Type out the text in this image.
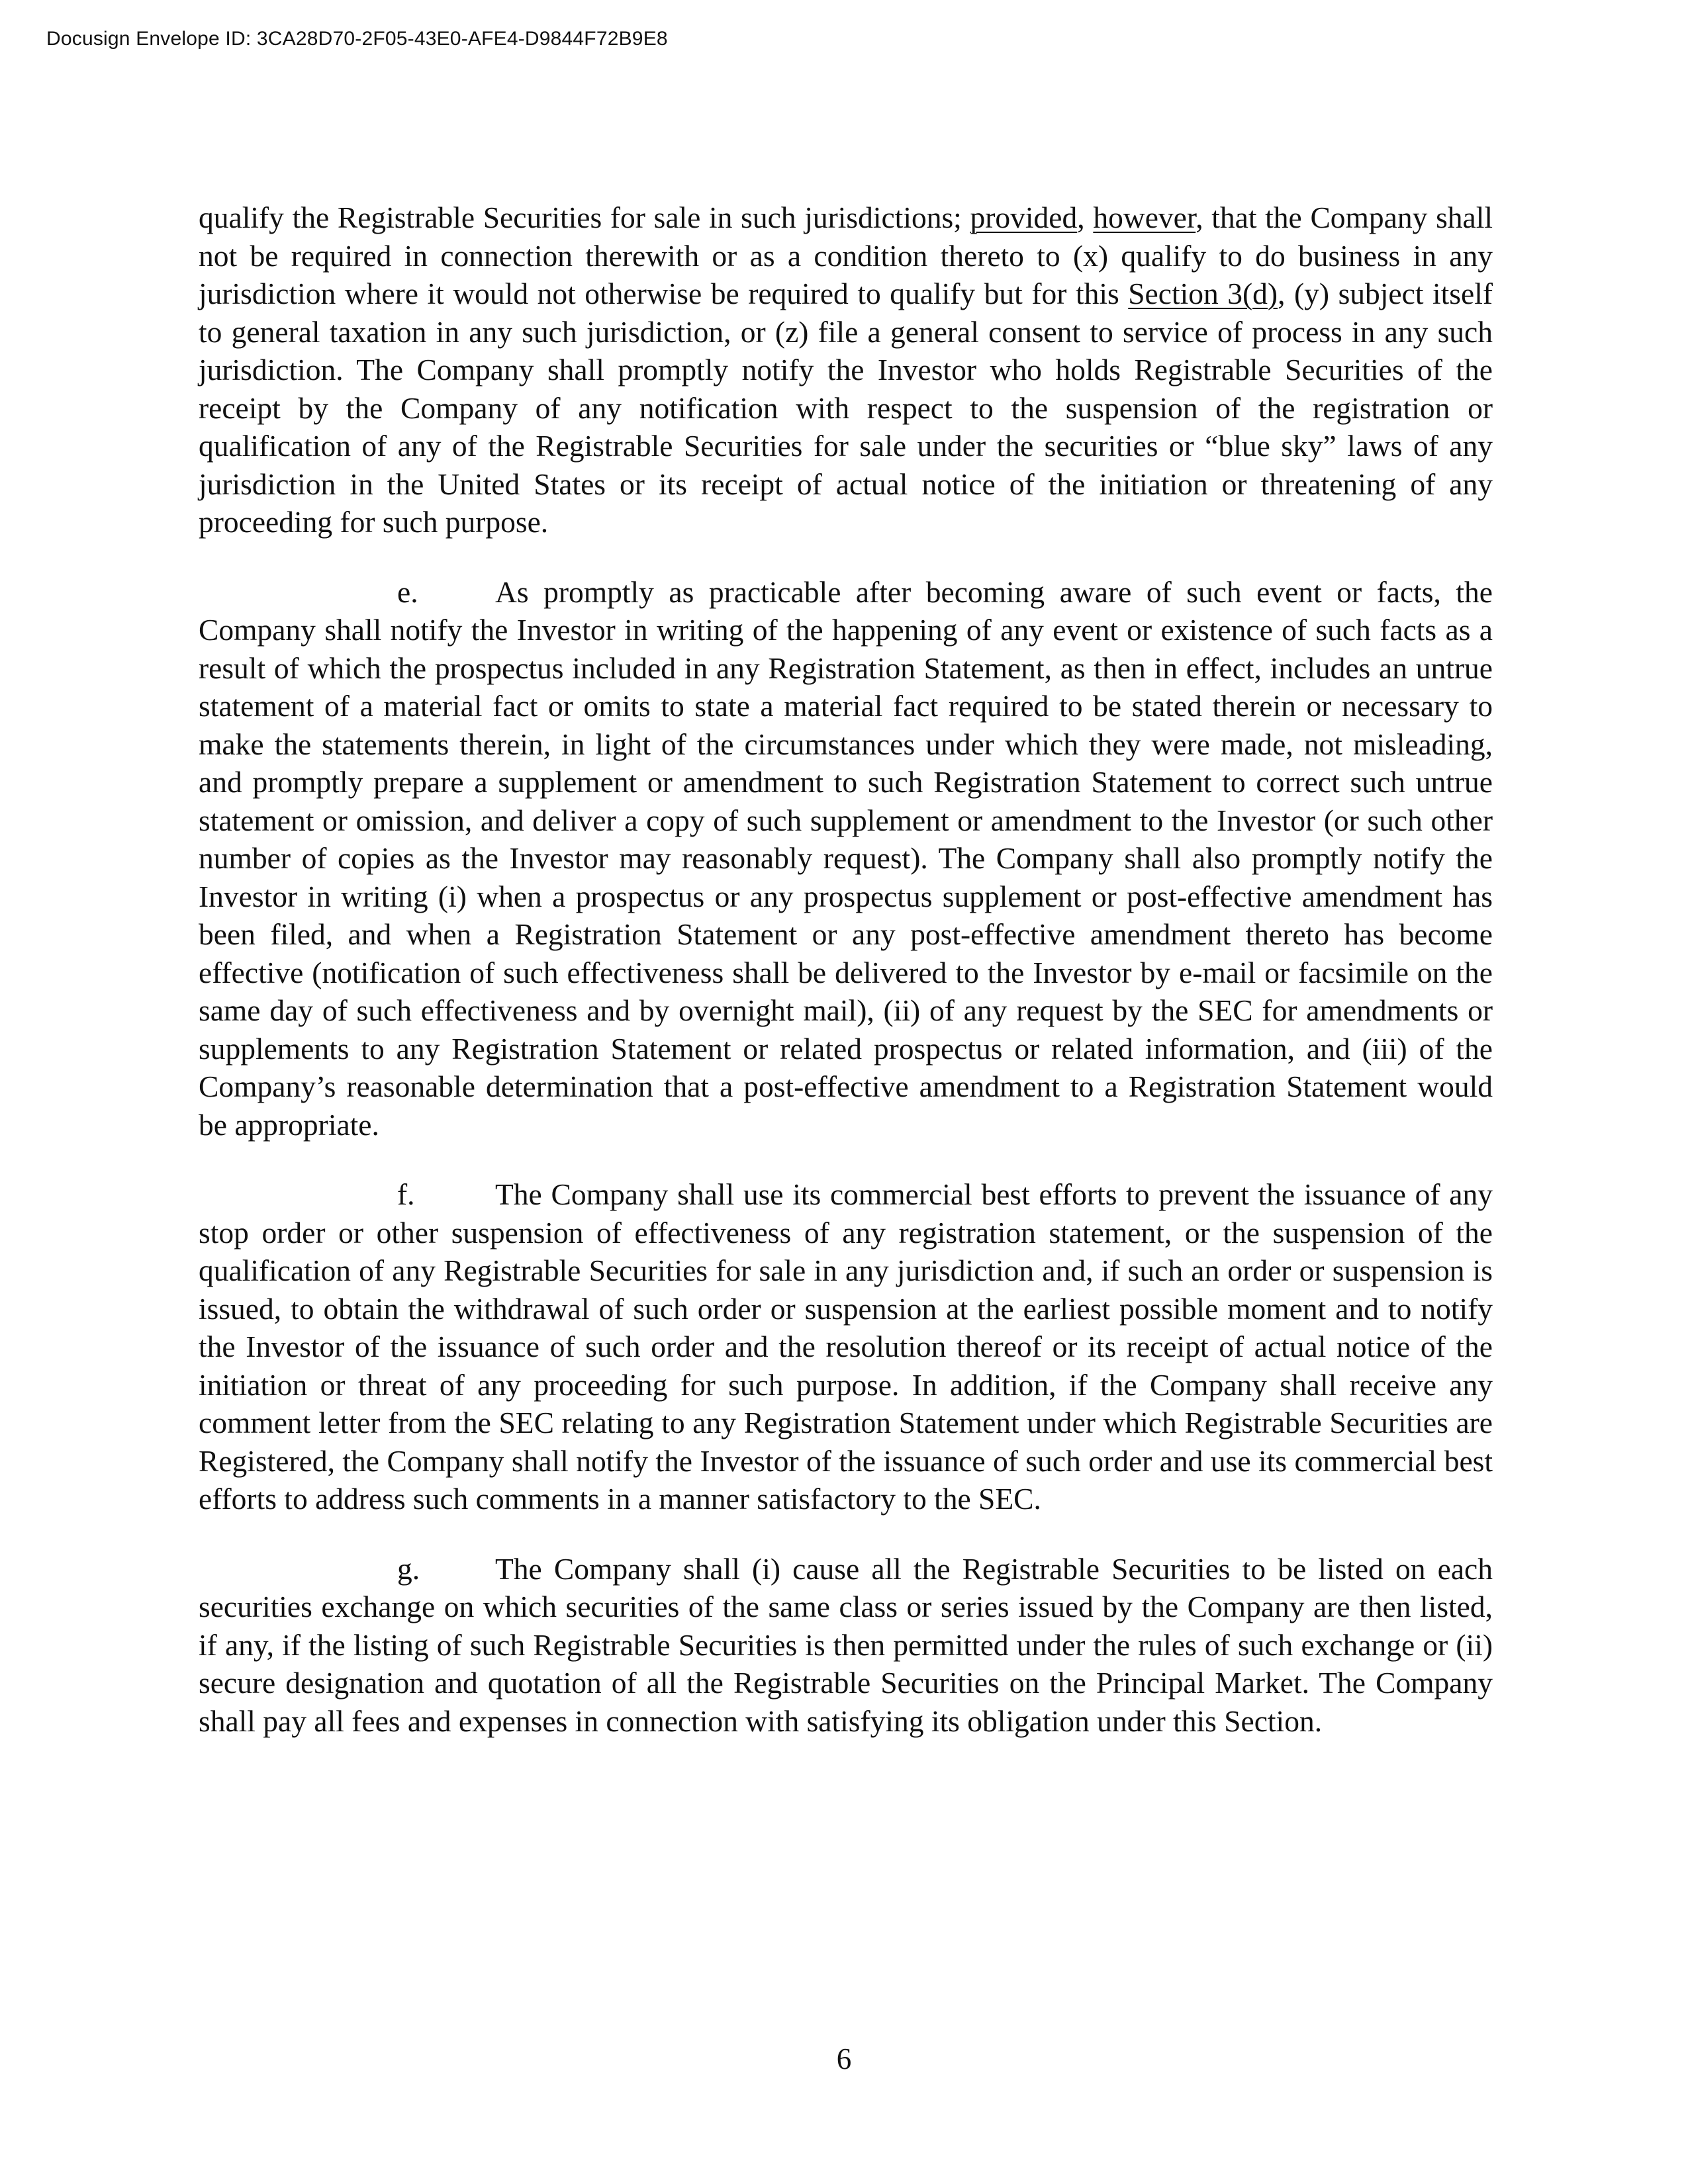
Docusign Envelope ID: 3CA28D70-2F05-43E0-AFE4-D9844F72B9E8

qualify the Registrable Securities for sale in such jurisdictions; provided, however, that the Company shall not be required in connection therewith or as a condition thereto to (x) qualify to do business in any jurisdiction where it would not otherwise be required to qualify but for this Section 3(d), (y) subject itself to general taxation in any such jurisdiction, or (z) file a general consent to service of process in any such jurisdiction. The Company shall promptly notify the Investor who holds Registrable Securities of the receipt by the Company of any notification with respect to the suspension of the registration or qualification of any of the Registrable Securities for sale under the securities or “blue sky” laws of any jurisdiction in the United States or its receipt of actual notice of the initiation or threatening of any proceeding for such purpose.

e.	As promptly as practicable after becoming aware of such event or facts, the Company shall notify the Investor in writing of the happening of any event or existence of such facts as a result of which the prospectus included in any Registration Statement, as then in effect, includes an untrue statement of a material fact or omits to state a material fact required to be stated therein or necessary to make the statements therein, in light of the circumstances under which they were made, not misleading, and promptly prepare a supplement or amendment to such Registration Statement to correct such untrue statement or omission, and deliver a copy of such supplement or amendment to the Investor (or such other number of copies as the Investor may reasonably request). The Company shall also promptly notify the Investor in writing (i) when a prospectus or any prospectus supplement or post-effective amendment has been filed, and when a Registration Statement or any post-effective amendment thereto has become effective (notification of such effectiveness shall be delivered to the Investor by e-mail or facsimile on the same day of such effectiveness and by overnight mail), (ii) of any request by the SEC for amendments or supplements to any Registration Statement or related prospectus or related information, and (iii) of the Company’s reasonable determination that a post-effective amendment to a Registration Statement would be appropriate.

f.	The Company shall use its commercial best efforts to prevent the issuance of any stop order or other suspension of effectiveness of any registration statement, or the suspension of the qualification of any Registrable Securities for sale in any jurisdiction and, if such an order or suspension is issued, to obtain the withdrawal of such order or suspension at the earliest possible moment and to notify the Investor of the issuance of such order and the resolution thereof or its receipt of actual notice of the initiation or threat of any proceeding for such purpose. In addition, if the Company shall receive any comment letter from the SEC relating to any Registration Statement under which Registrable Securities are Registered, the Company shall notify the Investor of the issuance of such order and use its commercial best efforts to address such comments in a manner satisfactory to the SEC.

g.	The Company shall (i) cause all the Registrable Securities to be listed on each securities exchange on which securities of the same class or series issued by the Company are then listed, if any, if the listing of such Registrable Securities is then permitted under the rules of such exchange or (ii) secure designation and quotation of all the Registrable Securities on the Principal Market. The Company shall pay all fees and expenses in connection with satisfying its obligation under this Section.

6
